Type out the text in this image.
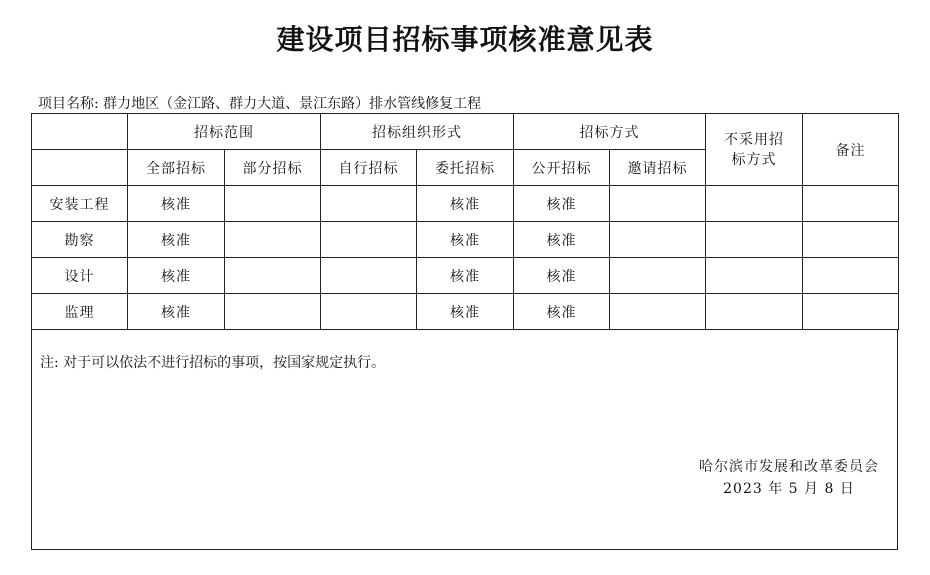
建设项目招标事项核准意见表
项目名称: 群力地区（金江路、群力大道、景江东路）排水管线修复工程
	招标范围		招标组织形式		招标方式		不采用招标方式	备注
	全部招标	部分招标	自行招标	委托招标	公开招标	邀请招标		
安装工程	核准			核准	核准			
勘察	核准			核准	核准			
设计	核准			核准	核准			
监理	核准			核准	核准			
注: 对于可以依法不进行招标的事项，按国家规定执行。
哈尔滨市发展和改革委员会
2023 年 5 月 8 日
